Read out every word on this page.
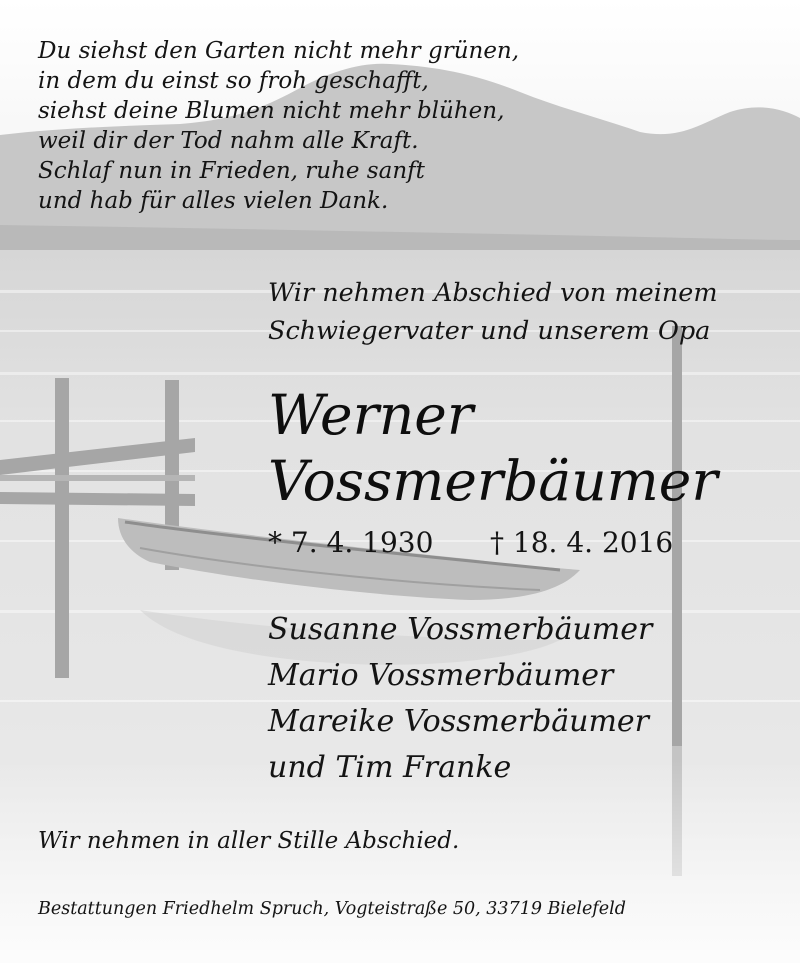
Du siehst den Garten nicht mehr grünen,
in dem du einst so froh geschafft,
siehst deine Blumen nicht mehr blühen,
weil dir der Tod nahm alle Kraft.
Schlaf nun in Frieden, ruhe sanft
und hab für alles vielen Dank.
Wir nehmen Abschied von meinem
Schwiegervater und unserem Opa
Werner
Vossmerbäumer
* 7. 4. 1930 † 18. 4. 2016
Susanne Vossmerbäumer
Mario Vossmerbäumer
Mareike Vossmerbäumer
und Tim Franke
Wir nehmen in aller Stille Abschied.
Bestattungen Friedhelm Spruch, Vogteistraße 50, 33719 Bielefeld
